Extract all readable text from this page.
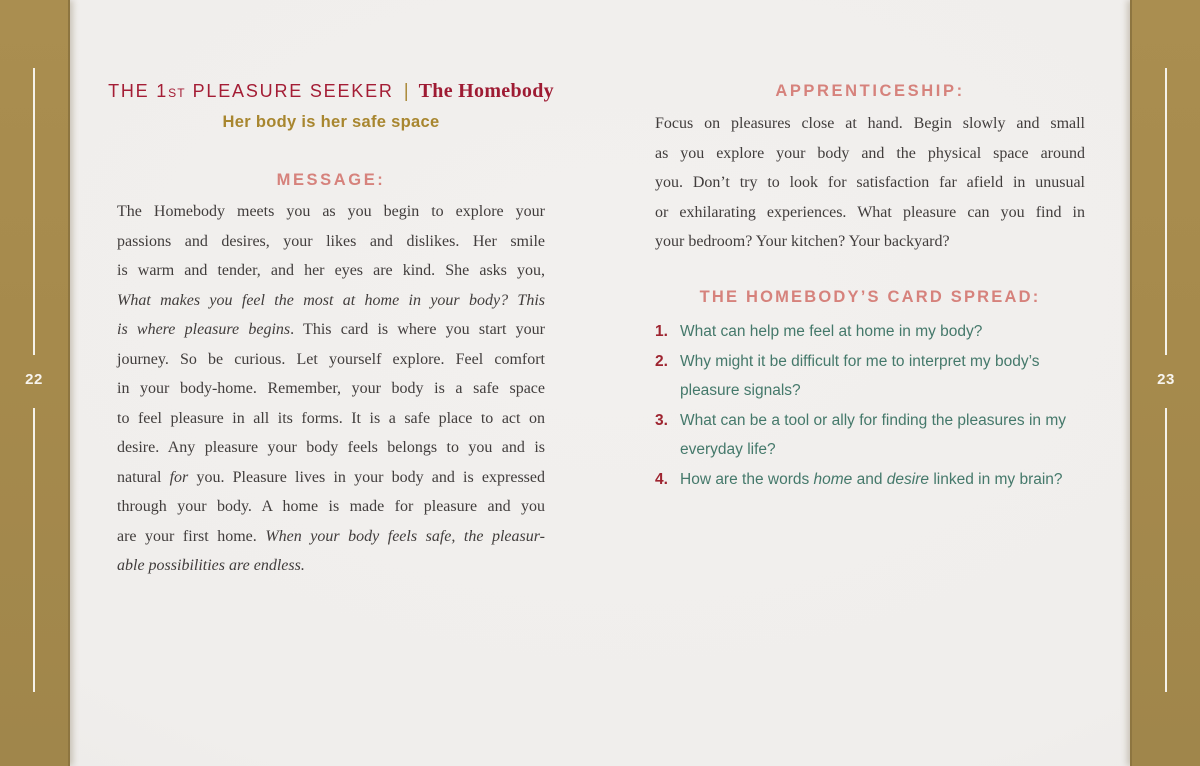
22	23
THE 1ST PLEASURE SEEKER | The Homebody
Her body is her safe space
MESSAGE:
The Homebody meets you as you begin to explore your
passions and desires, your likes and dislikes. Her smile
is warm and tender, and her eyes are kind. She asks you,
What makes you feel the most at home in your body? This
is where pleasure begins. This card is where you start your
journey. So be curious. Let yourself explore. Feel comfort
in your body-home. Remember, your body is a safe space
to feel pleasure in all its forms. It is a safe place to act on
desire. Any pleasure your body feels belongs to you and is
natural for you. Pleasure lives in your body and is expressed
through your body. A home is made for pleasure and you
are your first home. When your body feels safe, the pleasur-
able possibilities are endless.
APPRENTICESHIP:
Focus on pleasures close at hand. Begin slowly and small
as you explore your body and the physical space around
you. Don’t try to look for satisfaction far afield in unusual
or exhilarating experiences. What pleasure can you find in
your bedroom? Your kitchen? Your backyard?
THE HOMEBODY’S CARD SPREAD:
1. What can help me feel at home in my body?
2. Why might it be difficult for me to interpret my body’s
pleasure signals?
3. What can be a tool or ally for finding the pleasures in my
everyday life?
4. How are the words home and desire linked in my brain?
